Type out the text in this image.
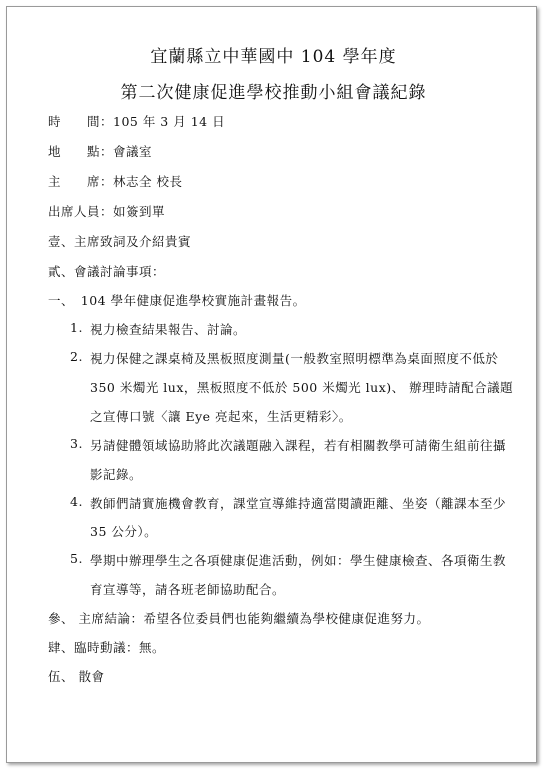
宜蘭縣立中華國中 104 學年度
第二次健康促進學校推動小組會議紀錄
時　　間：105 年 3 月 14 日
地　　點：會議室
主　　席：林志全 校長
出席人員：如簽到單
壹、主席致詞及介紹貴賓
貳、會議討論事項：
一、　104 學年健康促進學校實施計畫報告。
1. 視力檢查結果報告、討論。
2. 視力保健之課桌椅及黑板照度測量(一般教室照明標準為桌面照度不低於
350 米燭光 lux，黑板照度不低於 500 米燭光 lux)、 辦理時請配合議題
之宣傳口號〈讓 Eye 亮起來，生活更精彩〉。
3. 另請健體領域協助將此次議題融入課程，若有相關教學可請衛生組前往攝
影記錄。
4. 教師們請實施機會教育，課堂宣導維持適當閱讀距離、坐姿（離課本至少
35 公分）。
5. 學期中辦理學生之各項健康促進活動，例如：學生健康檢查、各項衛生教
育宣導等，請各班老師協助配合。
參、 主席結論：希望各位委員們也能夠繼續為學校健康促進努力。
肆、臨時動議：無。
伍、 散會
